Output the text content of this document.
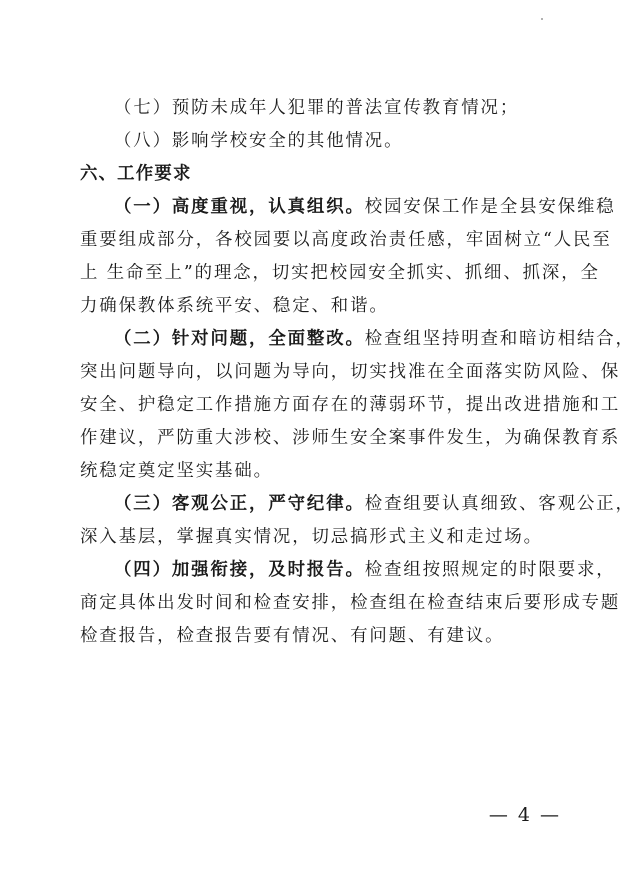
（七）预防未成年人犯罪的普法宣传教育情况；
（八）影响学校安全的其他情况。
六、工作要求
（一）高度重视，认真组织。校园安保工作是全县安保维稳
重要组成部分，各校园要以高度政治责任感，牢固树立“人民至
上 生命至上”的理念，切实把校园安全抓实、抓细、抓深，全
力确保教体系统平安、稳定、和谐。
（二）针对问题，全面整改。检查组坚持明查和暗访相结合，
突出问题导向，以问题为导向，切实找准在全面落实防风险、保
安全、护稳定工作措施方面存在的薄弱环节，提出改进措施和工
作建议，严防重大涉校、涉师生安全案事件发生，为确保教育系
统稳定奠定坚实基础。
（三）客观公正，严守纪律。检查组要认真细致、客观公正，
深入基层，掌握真实情况，切忌搞形式主义和走过场。
（四）加强衔接，及时报告。检查组按照规定的时限要求，
商定具体出发时间和检查安排，检查组在检查结束后要形成专题
检查报告，检查报告要有情况、有问题、有建议。
— 4 —
